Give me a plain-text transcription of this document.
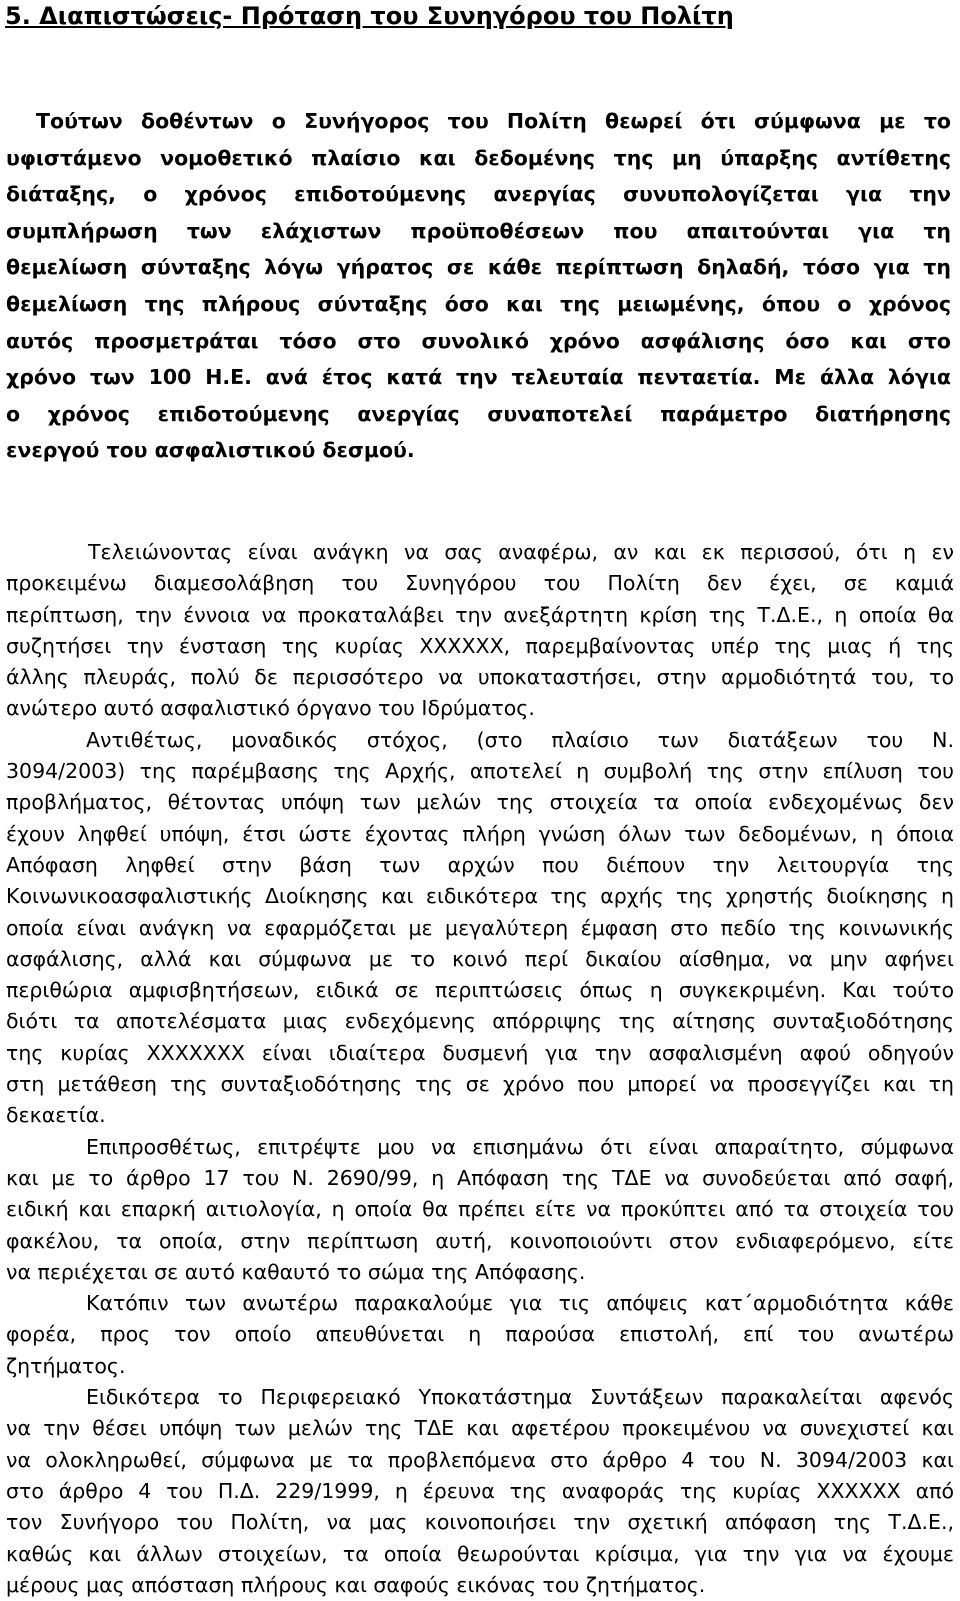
5. Διαπιστώσεις- Πρόταση του Συνηγόρου του Πολίτη
Τούτων δοθέντων ο Συνήγορος του Πολίτη θεωρεί ότι σύμφωνα με το
υφιστάμενο νομοθετικό πλαίσιο και δεδομένης της μη ύπαρξης αντίθετης
διάταξης, ο χρόνος επιδοτούμενης ανεργίας συνυπολογίζεται για την
συμπλήρωση των ελάχιστων προϋποθέσεων που απαιτούνται για τη
θεμελίωση σύνταξης λόγω γήρατος σε κάθε περίπτωση δηλαδή, τόσο για τη
θεμελίωση της πλήρους σύνταξης όσο και της μειωμένης, όπου ο χρόνος
αυτός προσμετράται τόσο στο συνολικό χρόνο ασφάλισης όσο και στο
χρόνο των 100 Η.Ε. ανά έτος κατά την τελευταία πενταετία. Με άλλα λόγια
ο χρόνος επιδοτούμενης ανεργίας συναποτελεί παράμετρο διατήρησης
ενεργού του ασφαλιστικού δεσμού.
Τελειώνοντας είναι ανάγκη να σας αναφέρω, αν και εκ περισσού, ότι η εν
προκειμένω διαμεσολάβηση του Συνηγόρου του Πολίτη δεν έχει, σε καμιά
περίπτωση, την έννοια να προκαταλάβει την ανεξάρτητη κρίση της Τ.Δ.Ε., η οποία θα
συζητήσει την ένσταση της κυρίας ΧΧΧΧΧΧ, παρεμβαίνοντας υπέρ της μιας ή της
άλλης πλευράς, πολύ δε περισσότερο να υποκαταστήσει, στην αρμοδιότητά του, το
ανώτερο αυτό ασφαλιστικό όργανο του Ιδρύματος.
Αντιθέτως, μοναδικός στόχος, (στο πλαίσιο των διατάξεων του Ν.
3094/2003) της παρέμβασης της Αρχής, αποτελεί η συμβολή της στην επίλυση του
προβλήματος, θέτοντας υπόψη των μελών της στοιχεία τα οποία ενδεχομένως δεν
έχουν ληφθεί υπόψη, έτσι ώστε έχοντας πλήρη γνώση όλων των δεδομένων, η όποια
Απόφαση ληφθεί στην βάση των αρχών που διέπουν την λειτουργία της
Κοινωνικοασφαλιστικής Διοίκησης και ειδικότερα της αρχής της χρηστής διοίκησης η
οποία είναι ανάγκη να εφαρμόζεται με μεγαλύτερη έμφαση στο πεδίο της κοινωνικής
ασφάλισης, αλλά και σύμφωνα με το κοινό περί δικαίου αίσθημα, να μην αφήνει
περιθώρια αμφισβητήσεων, ειδικά σε περιπτώσεις όπως η συγκεκριμένη. Και τούτο
διότι τα αποτελέσματα μιας ενδεχόμενης απόρριψης της αίτησης συνταξιοδότησης
της κυρίας ΧΧΧΧΧΧΧ είναι ιδιαίτερα δυσμενή για την ασφαλισμένη αφού οδηγούν
στη μετάθεση της συνταξιοδότησης της σε χρόνο που μπορεί να προσεγγίζει και τη
δεκαετία.
Επιπροσθέτως, επιτρέψτε μου να επισημάνω ότι είναι απαραίτητο, σύμφωνα
και με το άρθρο 17 του Ν. 2690/99, η Απόφαση της ΤΔΕ να συνοδεύεται από σαφή,
ειδική και επαρκή αιτιολογία, η οποία θα πρέπει είτε να προκύπτει από τα στοιχεία του
φακέλου, τα οποία, στην περίπτωση αυτή, κοινοποιούντι στον ενδιαφερόμενο, είτε
να περιέχεται σε αυτό καθαυτό το σώμα της Απόφασης.
Κατόπιν των ανωτέρω παρακαλούμε για τις απόψεις κατ΄αρμοδιότητα κάθε
φορέα, προς τον οποίο απευθύνεται η παρούσα επιστολή, επί του ανωτέρω
ζητήματος.
Ειδικότερα το Περιφερειακό Υποκατάστημα Συντάξεων παρακαλείται αφενός
να την θέσει υπόψη των μελών της ΤΔΕ και αφετέρου προκειμένου να συνεχιστεί και
να ολοκληρωθεί, σύμφωνα με τα προβλεπόμενα στο άρθρο 4 του Ν. 3094/2003 και
στο άρθρο 4 του Π.Δ. 229/1999, η έρευνα της αναφοράς της κυρίας ΧΧΧΧΧΧ από
τον Συνήγορο του Πολίτη, να μας κοινοποιήσει την σχετική απόφαση της Τ.Δ.Ε.,
καθώς και άλλων στοιχείων, τα οποία θεωρούνται κρίσιμα, για την για να έχουμε
μέρους μας απόσταση πλήρους και σαφούς εικόνας του ζητήματος.
